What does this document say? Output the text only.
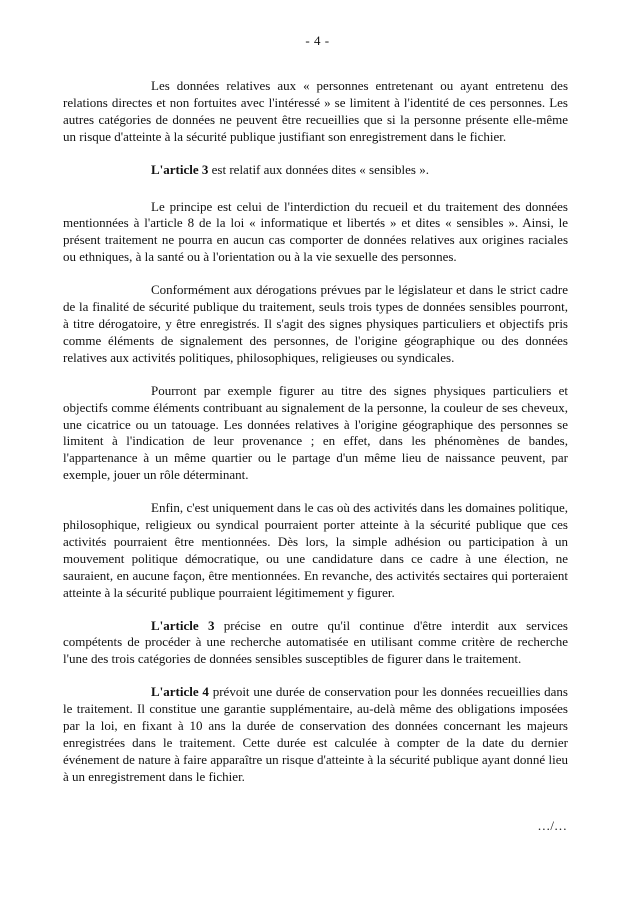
- 4 -

Les données relatives aux « personnes entretenant ou ayant entretenu des relations directes et non fortuites avec l'intéressé » se limitent à l'identité de ces personnes. Les autres catégories de données ne peuvent être recueillies que si la personne présente elle-même un risque d'atteinte à la sécurité publique justifiant son enregistrement dans le fichier.

L'article 3 est relatif aux données dites « sensibles ».

Le principe est celui de l'interdiction du recueil et du traitement des données mentionnées à l'article 8 de la loi « informatique et libertés » et dites « sensibles ». Ainsi, le présent traitement ne pourra en aucun cas comporter de données relatives aux origines raciales ou ethniques, à la santé ou à l'orientation ou à la vie sexuelle des personnes.

Conformément aux dérogations prévues par le législateur et dans le strict cadre de la finalité de sécurité publique du traitement, seuls trois types de données sensibles pourront, à titre dérogatoire, y être enregistrés. Il s'agit des signes physiques particuliers et objectifs pris comme éléments de signalement des personnes, de l'origine géographique ou des données relatives aux activités politiques, philosophiques, religieuses ou syndicales.

Pourront par exemple figurer au titre des signes physiques particuliers et objectifs comme éléments contribuant au signalement de la personne, la couleur de ses cheveux, une cicatrice ou un tatouage. Les données relatives à l'origine géographique des personnes se limitent à l'indication de leur provenance ; en effet, dans les phénomènes de bandes, l'appartenance à un même quartier ou le partage d'un même lieu de naissance peuvent, par exemple, jouer un rôle déterminant.

Enfin, c'est uniquement dans le cas où des activités dans les domaines politique, philosophique, religieux ou syndical pourraient porter atteinte à la sécurité publique que ces activités pourraient être mentionnées. Dès lors, la simple adhésion ou participation à un mouvement politique démocratique, ou une candidature dans ce cadre à une élection, ne sauraient, en aucune façon, être mentionnées. En revanche, des activités sectaires qui porteraient atteinte à la sécurité publique pourraient légitimement y figurer.

L'article 3 précise en outre qu'il continue d'être interdit aux services compétents de procéder à une recherche automatisée en utilisant comme critère de recherche l'une des trois catégories de données sensibles susceptibles de figurer dans le traitement.

L'article 4 prévoit une durée de conservation pour les données recueillies dans le traitement. Il constitue une garantie supplémentaire, au-delà même des obligations imposées par la loi, en fixant à 10 ans la durée de conservation des données concernant les majeurs enregistrées dans le traitement. Cette durée est calculée à compter de la date du dernier événement de nature à faire apparaître un risque d'atteinte à la sécurité publique ayant donné lieu à un enregistrement dans le fichier.

…/…
